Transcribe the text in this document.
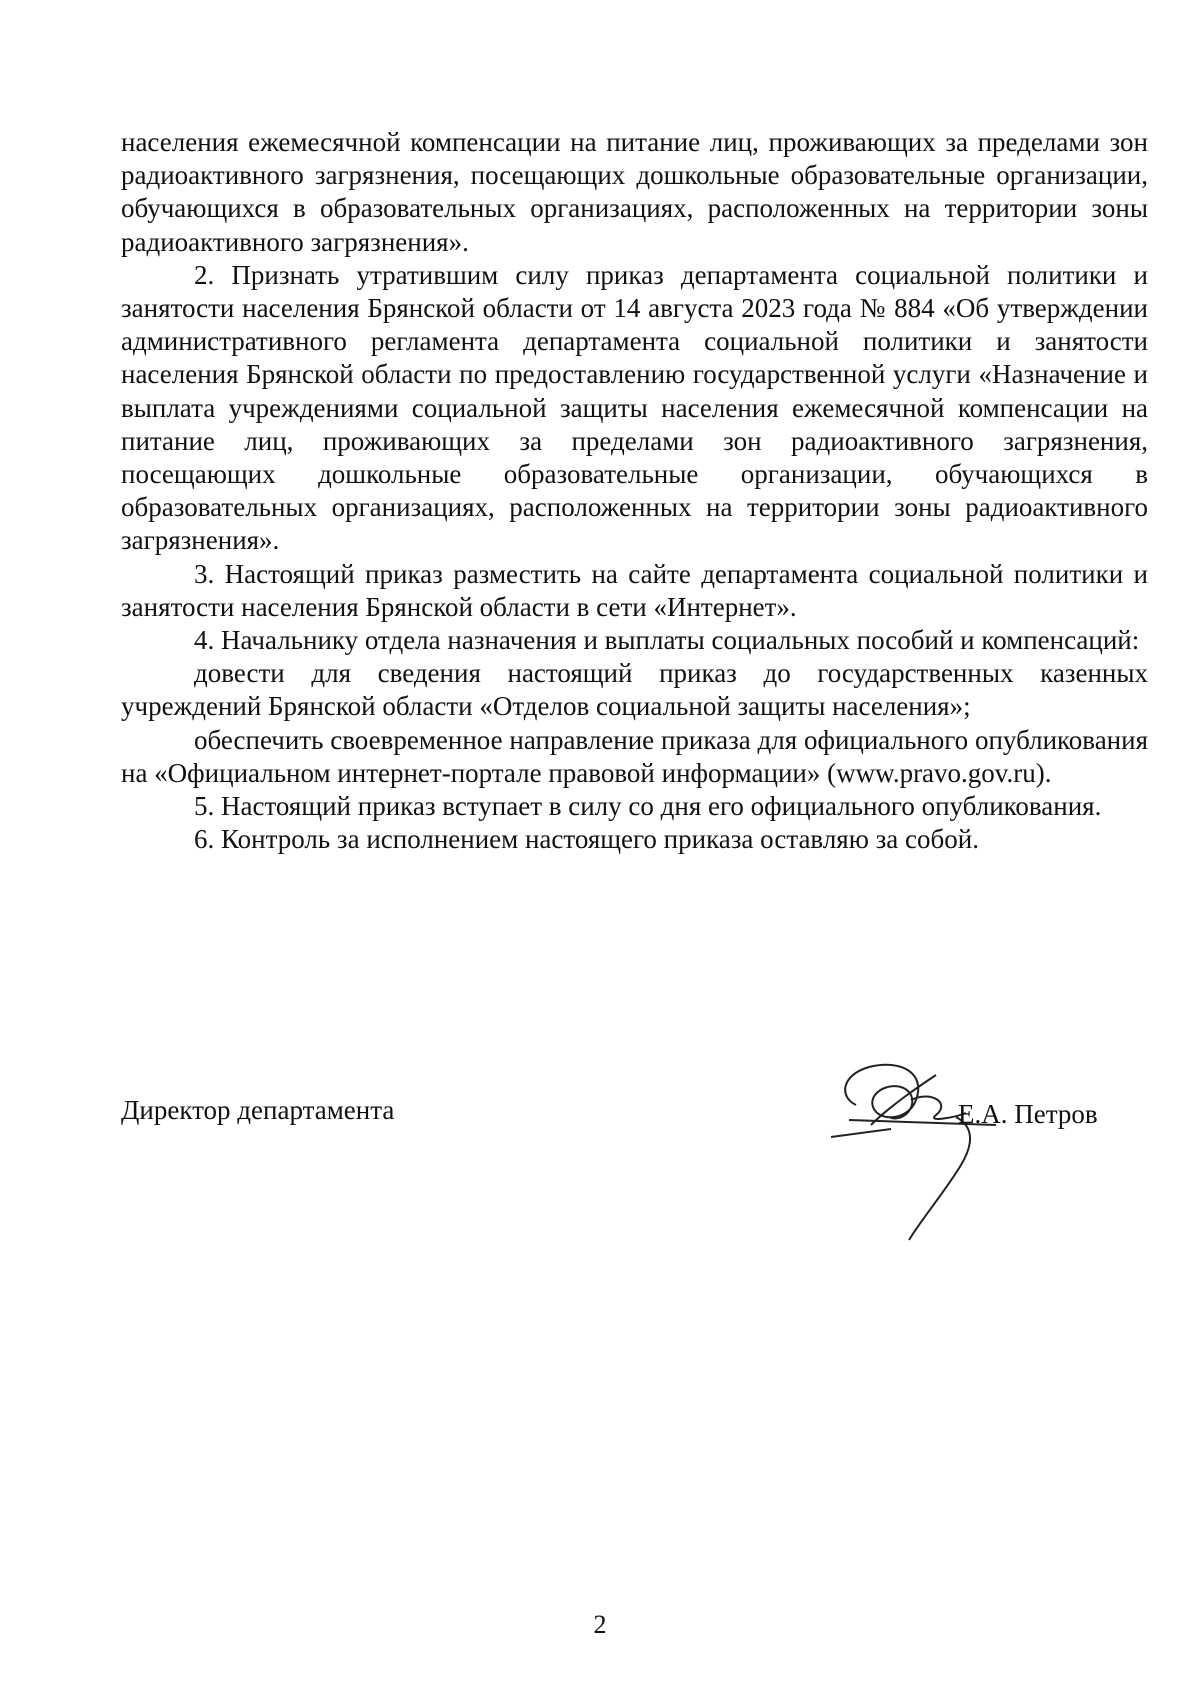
населения ежемесячной компенсации на питание лиц, проживающих за пределами зон радиоактивного загрязнения, посещающих дошкольные образовательные организации, обучающихся в образовательных организациях, расположенных на территории зоны радиоактивного загрязнения».

2. Признать утратившим силу приказ департамента социальной политики и занятости населения Брянской области от 14 августа 2023 года № 884 «Об утверждении административного регламента департамента социальной политики и занятости населения Брянской области по предоставлению государственной услуги «Назначение и выплата учреждениями социальной защиты населения ежемесячной компенсации на питание лиц, проживающих за пределами зон радиоактивного загрязнения, посещающих дошкольные образовательные организации, обучающихся в образовательных организациях, расположенных на территории зоны радиоактивного загрязнения».

3. Настоящий приказ разместить на сайте департамента социальной политики и занятости населения Брянской области в сети «Интернет».

4. Начальнику отдела назначения и выплаты социальных пособий и компенсаций:

довести для сведения настоящий приказ до государственных казенных учреждений Брянской области «Отделов социальной защиты населения»;

обеспечить своевременное направление приказа для официального опубликования на «Официальном интернет-портале правовой информации» (www.pravo.gov.ru).

5. Настоящий приказ вступает в силу со дня его официального опубликования.

6. Контроль за исполнением настоящего приказа оставляю за собой.

Директор департамента	Е.А. Петров
2
